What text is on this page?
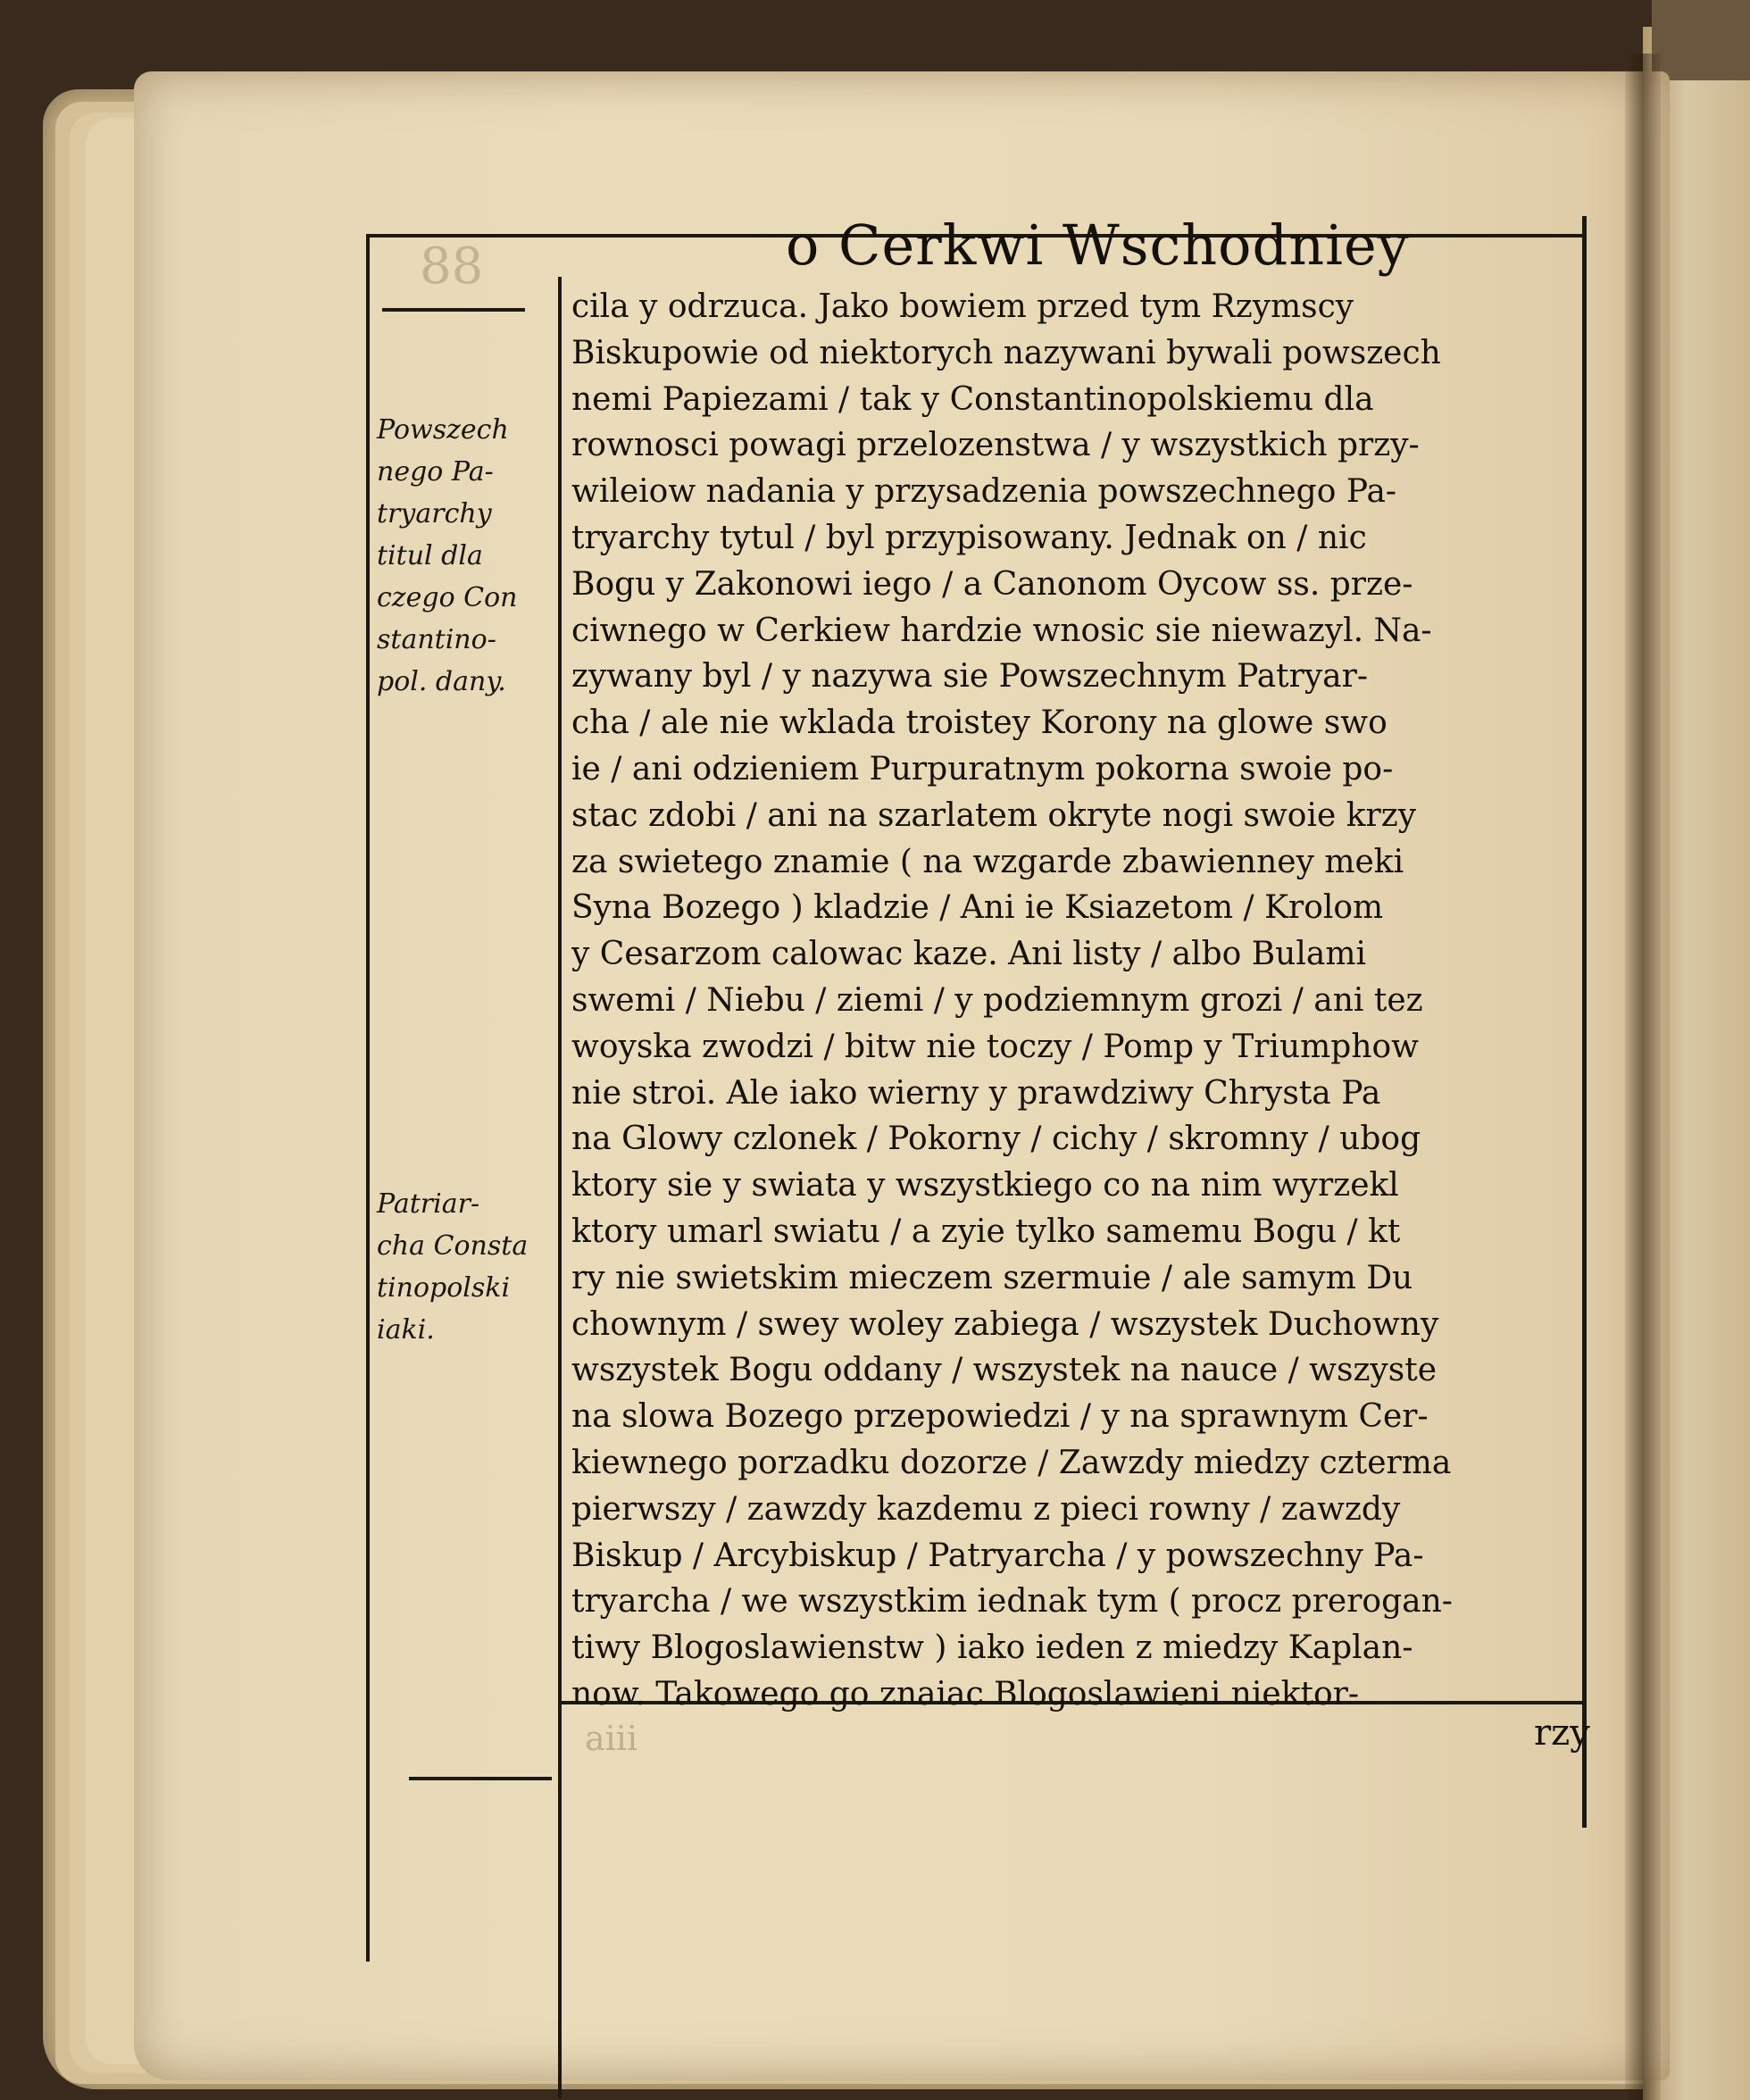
88	o Cerkwi Wschodniey
Powszech
nego Pa-
tryarchy
titul dla
czego Con
stantino-
pol. dany.
Patriar-
cha Consta
tinopolski
iaki.
cila y odrzuca. Jako bowiem przed tym Rzymscy
Biskupowie od niektorych nazywani bywali powszech
nemi Papiezami / tak y Constantinopolskiemu dla
rownosci powagi przelozenstwa / y wszystkich przy-
wileiow nadania y przysadzenia powszechnego Pa-
tryarchy tytul / byl przypisowany. Jednak on / nic
Bogu y Zakonowi iego / a Canonom Oycow ss. prze-
ciwnego w Cerkiew hardzie wnosic sie niewazyl. Na-
zywany byl / y nazywa sie Powszechnym Patryar-
cha / ale nie wklada troistey Korony na glowe swo
ie / ani odzieniem Purpuratnym pokorna swoie po-
stac zdobi / ani na szarlatem okryte nogi swoie krzy
za swietego znamie ( na wzgarde zbawienney meki
Syna Bozego ) kladzie / Ani ie Ksiazetom / Krolom
y Cesarzom calowac kaze. Ani listy / albo Bulami
swemi / Niebu / ziemi / y podziemnym grozi / ani tez
woyska zwodzi / bitw nie toczy / Pomp y Triumphow
nie stroi. Ale iako wierny y prawdziwy Chrysta Pa
na Glowy czlonek / Pokorny / cichy / skromny / ubog
ktory sie y swiata y wszystkiego co na nim wyrzekl
ktory umarl swiatu / a zyie tylko samemu Bogu / kt
ry nie swietskim mieczem szermuie / ale samym Du
chownym / swey woley zabiega / wszystek Duchowny
wszystek Bogu oddany / wszystek na nauce / wszyste
na slowa Bozego przepowiedzi / y na sprawnym Cer-
kiewnego porzadku dozorze / Zawzdy miedzy czterma
pierwszy / zawzdy kazdemu z pieci rowny / zawzdy
Biskup / Arcybiskup / Patryarcha / y powszechny Pa-
tryarcha / we wszystkim iednak tym ( procz prerogan-
tiwy Blogoslawienstw ) iako ieden z miedzy Kaplan-
now. Takowego go znaiac Blogoslawieni niektor-
aiii	rzy
